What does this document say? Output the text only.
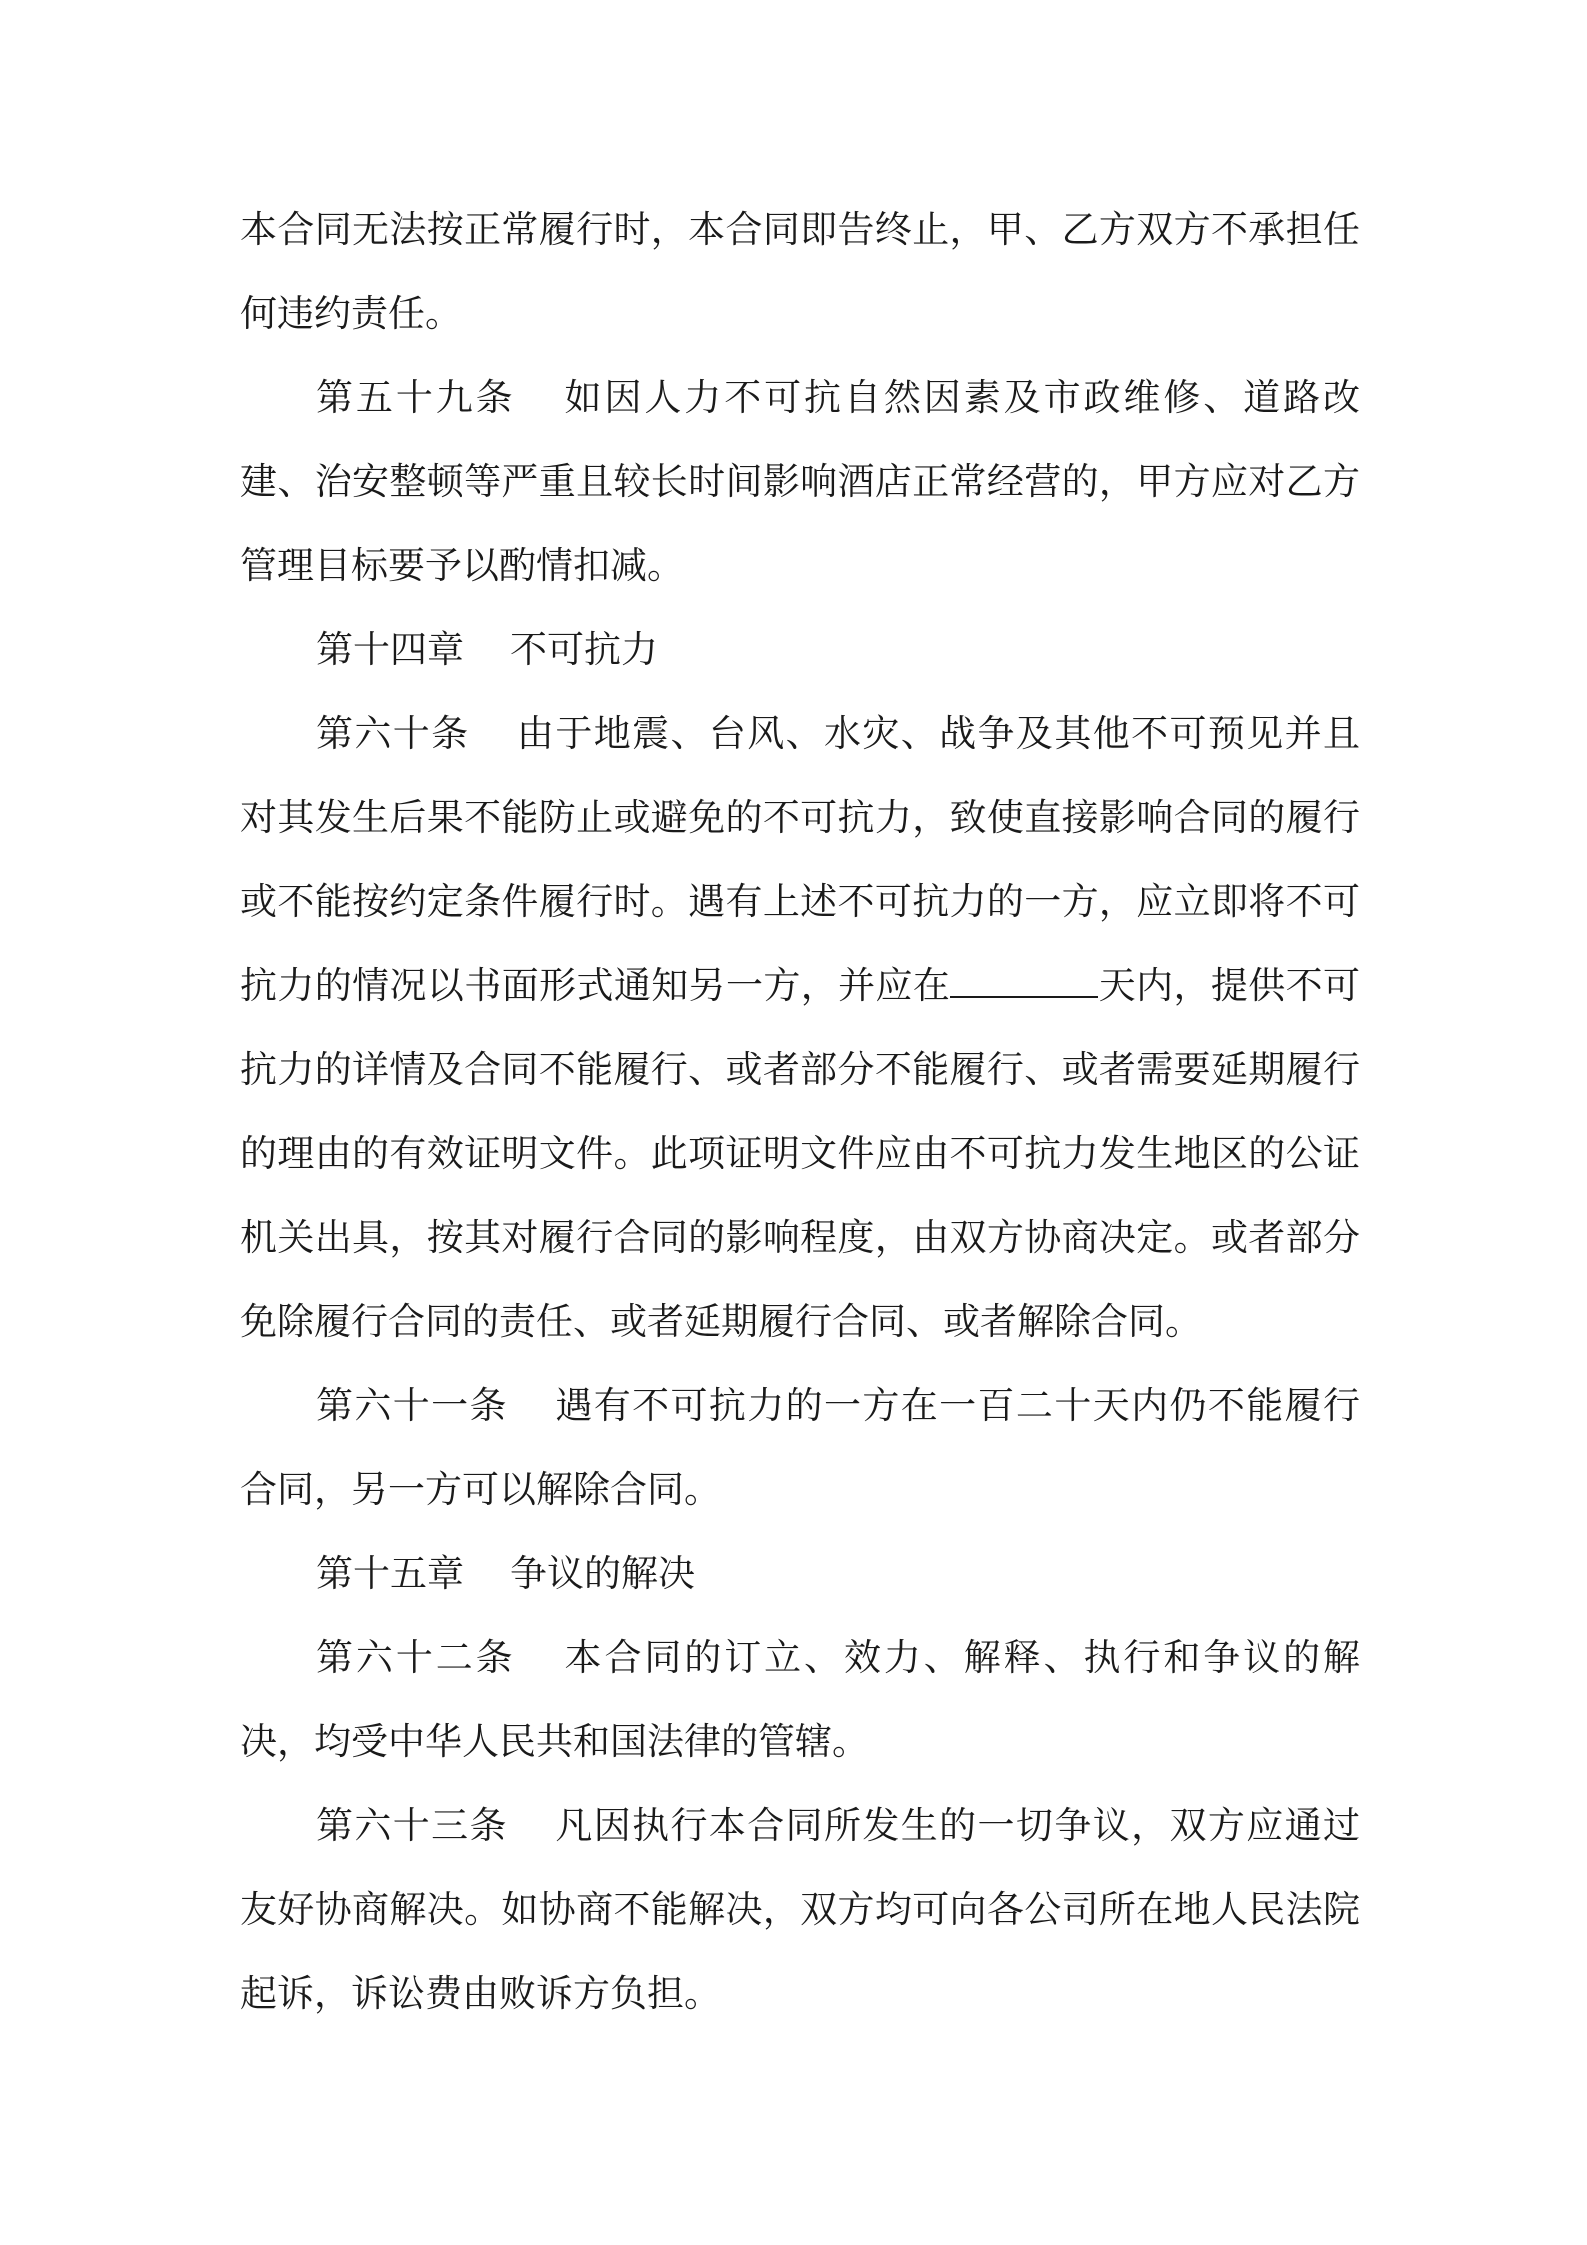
本合同无法按正常履行时，本合同即告终止，甲、乙方双方不承担任何违约责任。

第五十九条 如因人力不可抗自然因素及市政维修、道路改建、治安整顿等严重且较长时间影响酒店正常经营的，甲方应对乙方管理目标要予以酌情扣减。

第十四章 不可抗力

第六十条 由于地震、台风、水灾、战争及其他不可预见并且对其发生后果不能防止或避免的不可抗力，致使直接影响合同的履行或不能按约定条件履行时。遇有上述不可抗力的一方，应立即将不可抗力的情况以书面形式通知另一方，并应在	天内，提供不可抗力的详情及合同不能履行、或者部分不能履行、或者需要延期履行的理由的有效证明文件。此项证明文件应由不可抗力发生地区的公证机关出具，按其对履行合同的影响程度，由双方协商决定。或者部分免除履行合同的责任、或者延期履行合同、或者解除合同。

第六十一条 遇有不可抗力的一方在一百二十天内仍不能履行合同，另一方可以解除合同。

第十五章 争议的解决

第六十二条 本合同的订立、效力、解释、执行和争议的解决，均受中华人民共和国法律的管辖。

第六十三条 凡因执行本合同所发生的一切争议，双方应通过友好协商解决。如协商不能解决，双方均可向各公司所在地人民法院起诉，诉讼费由败诉方负担。
